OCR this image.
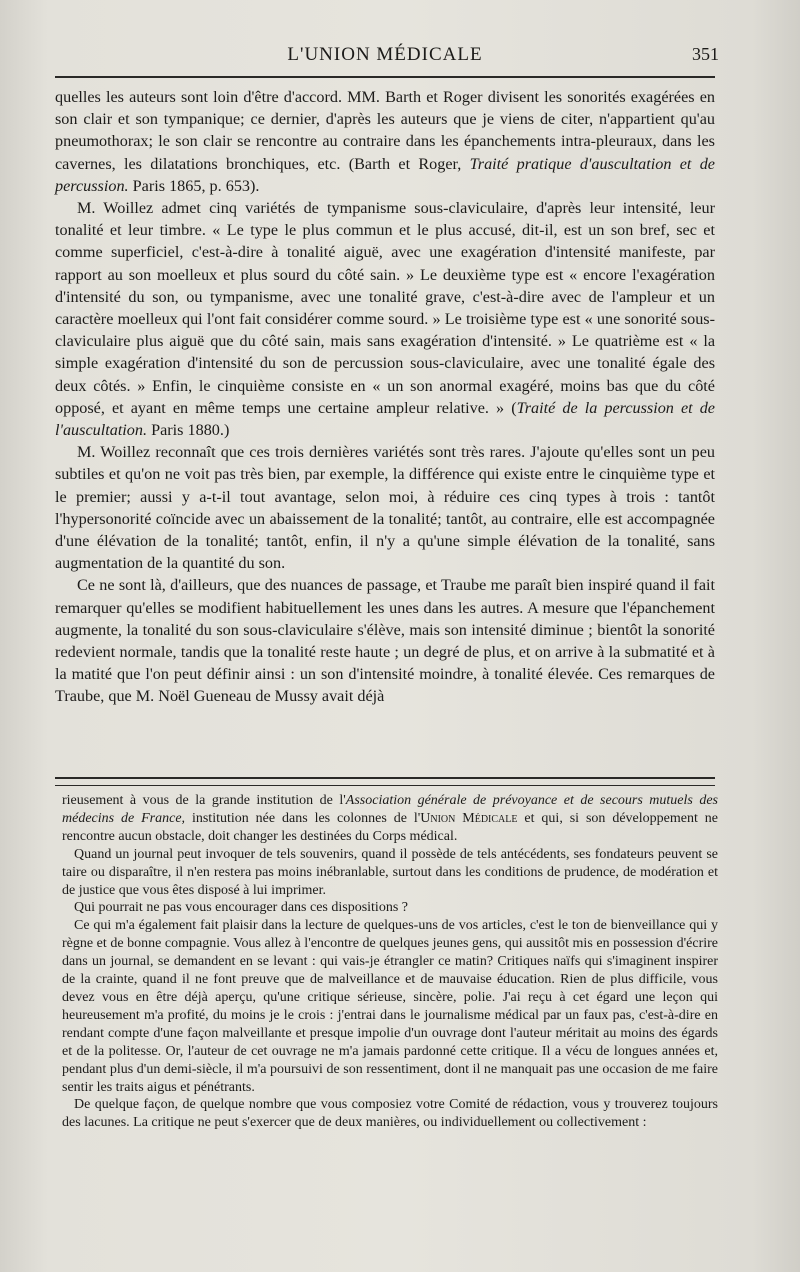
L'UNION MÉDICALE	351

quelles les auteurs sont loin d'être d'accord. MM. Barth et Roger divisent les sonorités exagérées en son clair et son tympanique; ce dernier, d'après les auteurs que je viens de citer, n'appartient qu'au pneumothorax; le son clair se rencontre au contraire dans les épanchements intra-pleuraux, dans les cavernes, les dilatations bronchiques, etc. (Barth et Roger, Traité pratique d'auscultation et de percussion. Paris 1865, p. 653).

M. Woillez admet cinq variétés de tympanisme sous-claviculaire, d'après leur intensité, leur tonalité et leur timbre. « Le type le plus commun et le plus accusé, dit-il, est un son bref, sec et comme superficiel, c'est-à-dire à tonalité aiguë, avec une exagération d'intensité manifeste, par rapport au son moelleux et plus sourd du côté sain. » Le deuxième type est « encore l'exagération d'intensité du son, ou tympanisme, avec une tonalité grave, c'est-à-dire avec de l'ampleur et un caractère moelleux qui l'ont fait considérer comme sourd. » Le troisième type est « une sonorité sous-claviculaire plus aiguë que du côté sain, mais sans exagération d'intensité. » Le quatrième est « la simple exagération d'intensité du son de percussion sous-claviculaire, avec une tonalité égale des deux côtés. » Enfin, le cinquième consiste en « un son anormal exagéré, moins bas que du côté opposé, et ayant en même temps une certaine ampleur relative. » (Traité de la percussion et de l'auscultation. Paris 1880.)

M. Woillez reconnaît que ces trois dernières variétés sont très rares. J'ajoute qu'elles sont un peu subtiles et qu'on ne voit pas très bien, par exemple, la différence qui existe entre le cinquième type et le premier; aussi y a-t-il tout avantage, selon moi, à réduire ces cinq types à trois : tantôt l'hypersonorité coïncide avec un abaissement de la tonalité; tantôt, au contraire, elle est accompagnée d'une élévation de la tonalité; tantôt, enfin, il n'y a qu'une simple élévation de la tonalité, sans augmentation de la quantité du son.

Ce ne sont là, d'ailleurs, que des nuances de passage, et Traube me paraît bien inspiré quand il fait remarquer qu'elles se modifient habituellement les unes dans les autres. A mesure que l'épanchement augmente, la tonalité du son sous-claviculaire s'élève, mais son intensité diminue ; bientôt la sonorité redevient normale, tandis que la tonalité reste haute ; un degré de plus, et on arrive à la submatité et à la matité que l'on peut définir ainsi : un son d'intensité moindre, à tonalité élevée. Ces remarques de Traube, que M. Noël Gueneau de Mussy avait déjà

rieusement à vous de la grande institution de l'Association générale de prévoyance et de secours mutuels des médecins de France, institution née dans les colonnes de l'Union Médicale et qui, si son développement ne rencontre aucun obstacle, doit changer les destinées du Corps médical.

Quand un journal peut invoquer de tels souvenirs, quand il possède de tels antécédents, ses fondateurs peuvent se taire ou disparaître, il n'en restera pas moins inébranlable, surtout dans les conditions de prudence, de modération et de justice que vous êtes disposé à lui imprimer.

Qui pourrait ne pas vous encourager dans ces dispositions ?

Ce qui m'a également fait plaisir dans la lecture de quelques-uns de vos articles, c'est le ton de bienveillance qui y règne et de bonne compagnie. Vous allez à l'encontre de quelques jeunes gens, qui aussitôt mis en possession d'écrire dans un journal, se demandent en se levant : qui vais-je étrangler ce matin? Critiques naïfs qui s'imaginent inspirer de la crainte, quand il ne font preuve que de malveillance et de mauvaise éducation. Rien de plus difficile, vous devez vous en être déjà aperçu, qu'une critique sérieuse, sincère, polie. J'ai reçu à cet égard une leçon qui heureusement m'a profité, du moins je le crois : j'entrai dans le journalisme médical par un faux pas, c'est-à-dire en rendant compte d'une façon malveillante et presque impolie d'un ouvrage dont l'auteur méritait au moins des égards et de la politesse. Or, l'auteur de cet ouvrage ne m'a jamais pardonné cette critique. Il a vécu de longues années et, pendant plus d'un demi-siècle, il m'a poursuivi de son ressentiment, dont il ne manquait pas une occasion de me faire sentir les traits aigus et pénétrants.

De quelque façon, de quelque nombre que vous composiez votre Comité de rédaction, vous y trouverez toujours des lacunes. La critique ne peut s'exercer que de deux manières, ou individuellement ou collectivement :
